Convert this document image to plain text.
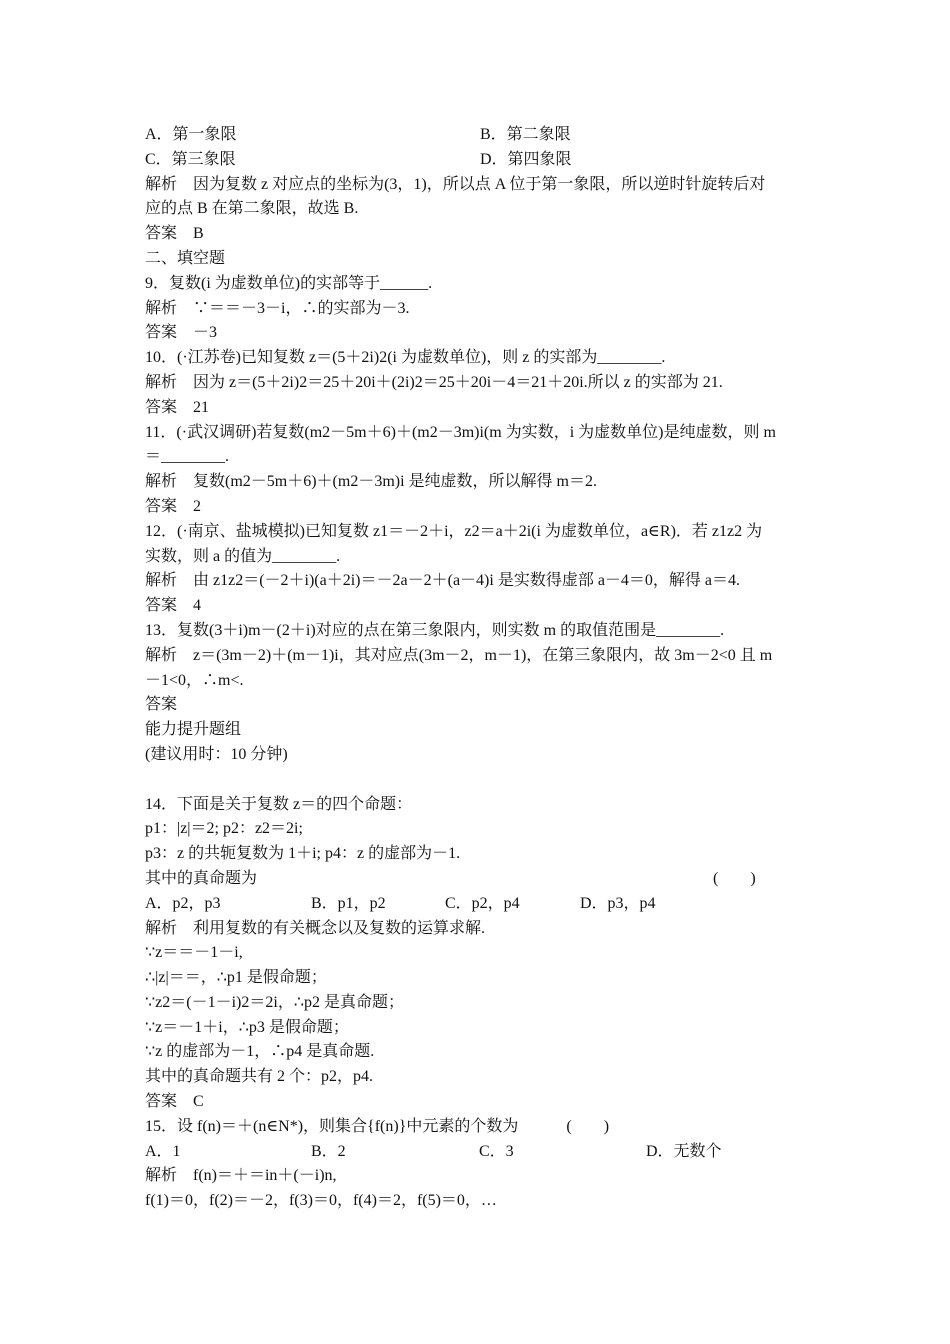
A．第一象限	B．第二象限
C．第三象限	D．第四象限
解析　因为复数 z 对应点的坐标为(3，1)，所以点 A 位于第一象限，所以逆时针旋转后对
应的点 B 在第二象限，故选 B.
答案　B
二、填空题
9．复数(i 为虚数单位)的实部等于______.
解析　∵＝＝－3－i，∴的实部为－3.
答案　－3
10．(·江苏卷)已知复数 z＝(5＋2i)2(i 为虚数单位)，则 z 的实部为________.
解析　因为 z＝(5＋2i)2＝25＋20i＋(2i)2＝25＋20i－4＝21＋20i.所以 z 的实部为 21.
答案　21
11．(·武汉调研)若复数(m2－5m＋6)＋(m2－3m)i(m 为实数，i 为虚数单位)是纯虚数，则 m
＝________.
解析　复数(m2－5m＋6)＋(m2－3m)i 是纯虚数，所以解得 m＝2.
答案　2
12．(·南京、盐城模拟)已知复数 z1＝－2＋i，z2＝a＋2i(i 为虚数单位，a∈R)．若 z1z2 为
实数，则 a 的值为________.
解析　由 z1z2＝(－2＋i)(a＋2i)＝－2a－2＋(a－4)i 是实数得虚部 a－4＝0，解得 a＝4.
答案　4
13．复数(3＋i)m－(2＋i)对应的点在第三象限内，则实数 m 的取值范围是________.
解析　z＝(3m－2)＋(m－1)i，其对应点(3m－2，m－1)，在第三象限内，故 3m－2<0 且 m
－1<0，∴m<.
答案
能力提升题组
(建议用时：10 分钟)
14．下面是关于复数 z＝的四个命题：
p1：|z|＝2; p2：z2＝2i;
p3：z 的共轭复数为 1＋i; p4：z 的虚部为－1.
其中的真命题为	(　　)
A．p2，p3	B．p1，p2	C．p2，p4	D．p3，p4
解析　利用复数的有关概念以及复数的运算求解.
∵z＝＝－1－i,
∴|z|＝＝，∴p1 是假命题；
∵z2＝(－1－i)2＝2i，∴p2 是真命题；
∵z＝－1＋i，∴p3 是假命题；
∵z 的虚部为－1，∴p4 是真命题.
其中的真命题共有 2 个：p2，p4.
答案　C
15．设 f(n)＝＋(n∈N*)，则集合{f(n)}中元素的个数为　　　(　　)
A．1	B．2	C．3	D．无数个
解析　f(n)＝＋＝in＋(－i)n,
f(1)＝0，f(2)＝－2，f(3)＝0，f(4)＝2，f(5)＝0，…
